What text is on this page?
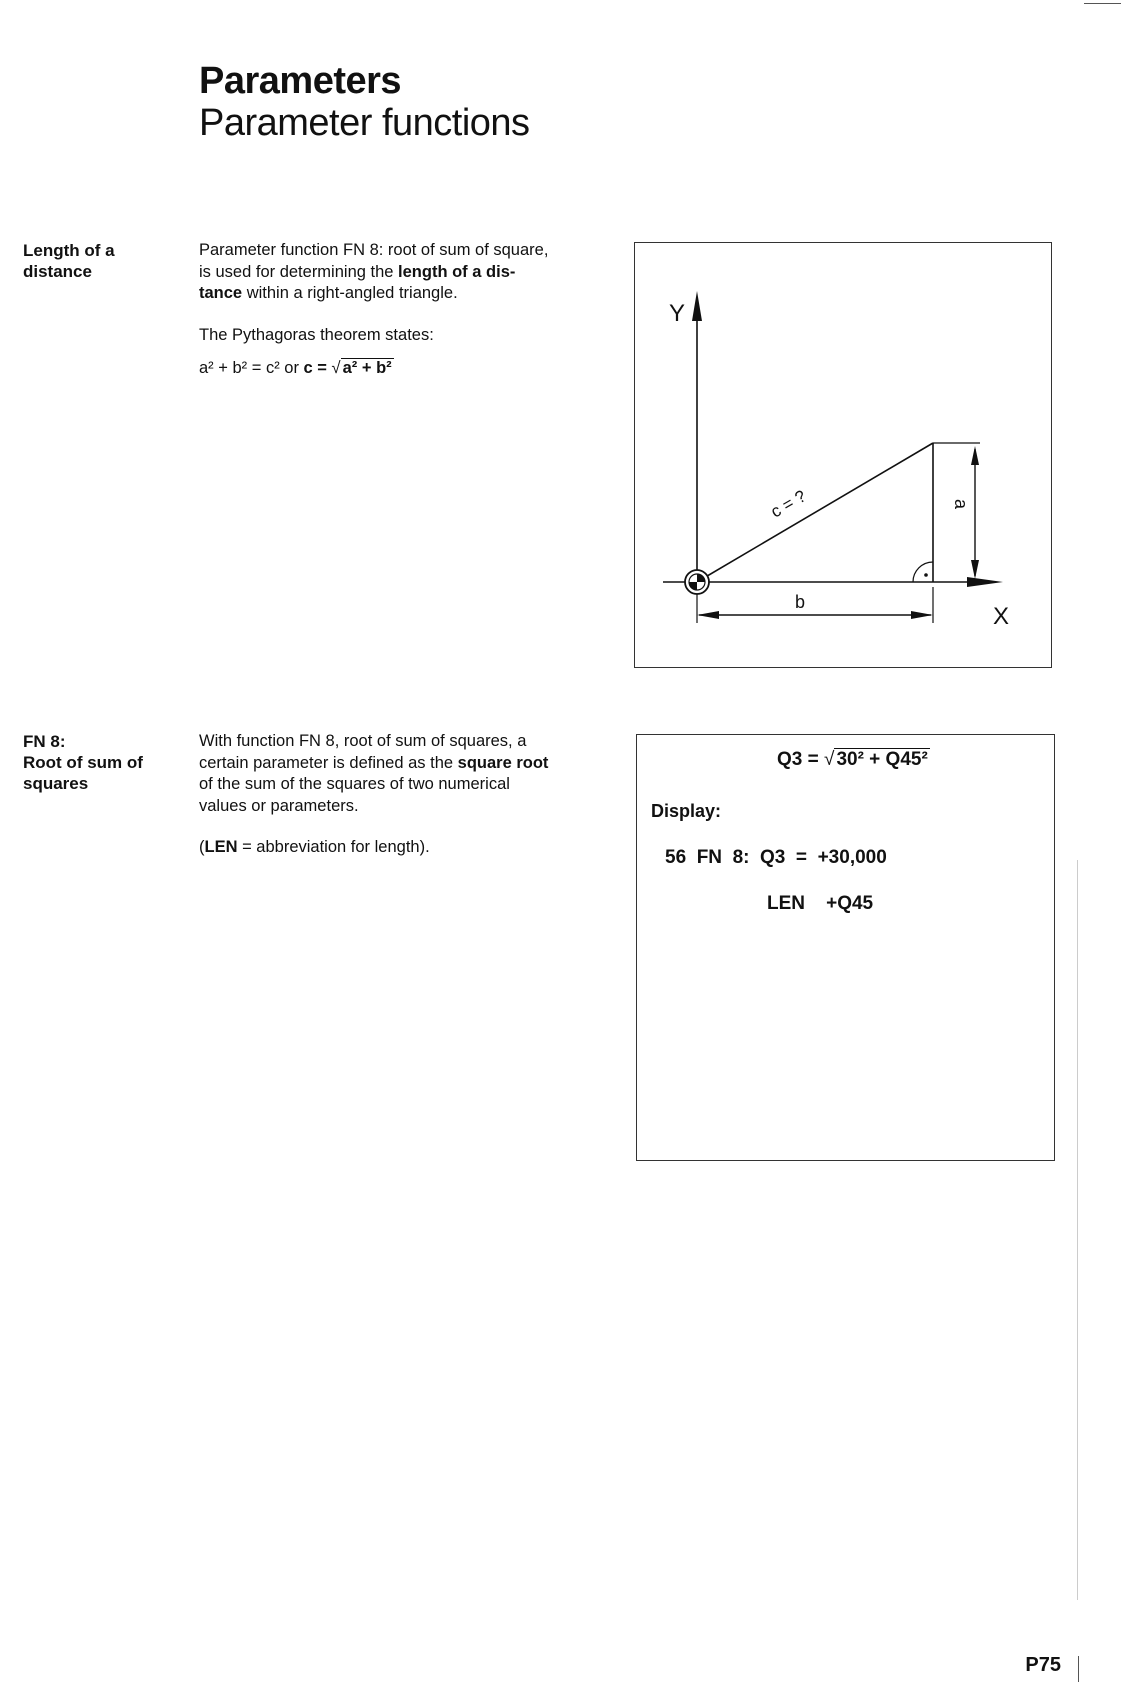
Parameters
Parameter functions
Length of a
distance
Parameter function FN 8: root of sum of square,
is used for determining the length of a dis-
tance within a right-angled triangle.
The Pythagoras theorem states:
a² + b² = c² or c = √ a² + b²
Y
X
b
a
c = ?
FN 8:
Root of sum of
squares
With function FN 8, root of sum of squares, a
certain parameter is defined as the square root
of the sum of the squares of two numerical
values or parameters.
(LEN = abbreviation for length).
Q3 = √ 30² + Q45²
Display:
56  FN  8:  Q3  =  +30,000
LEN    +Q45
P75
